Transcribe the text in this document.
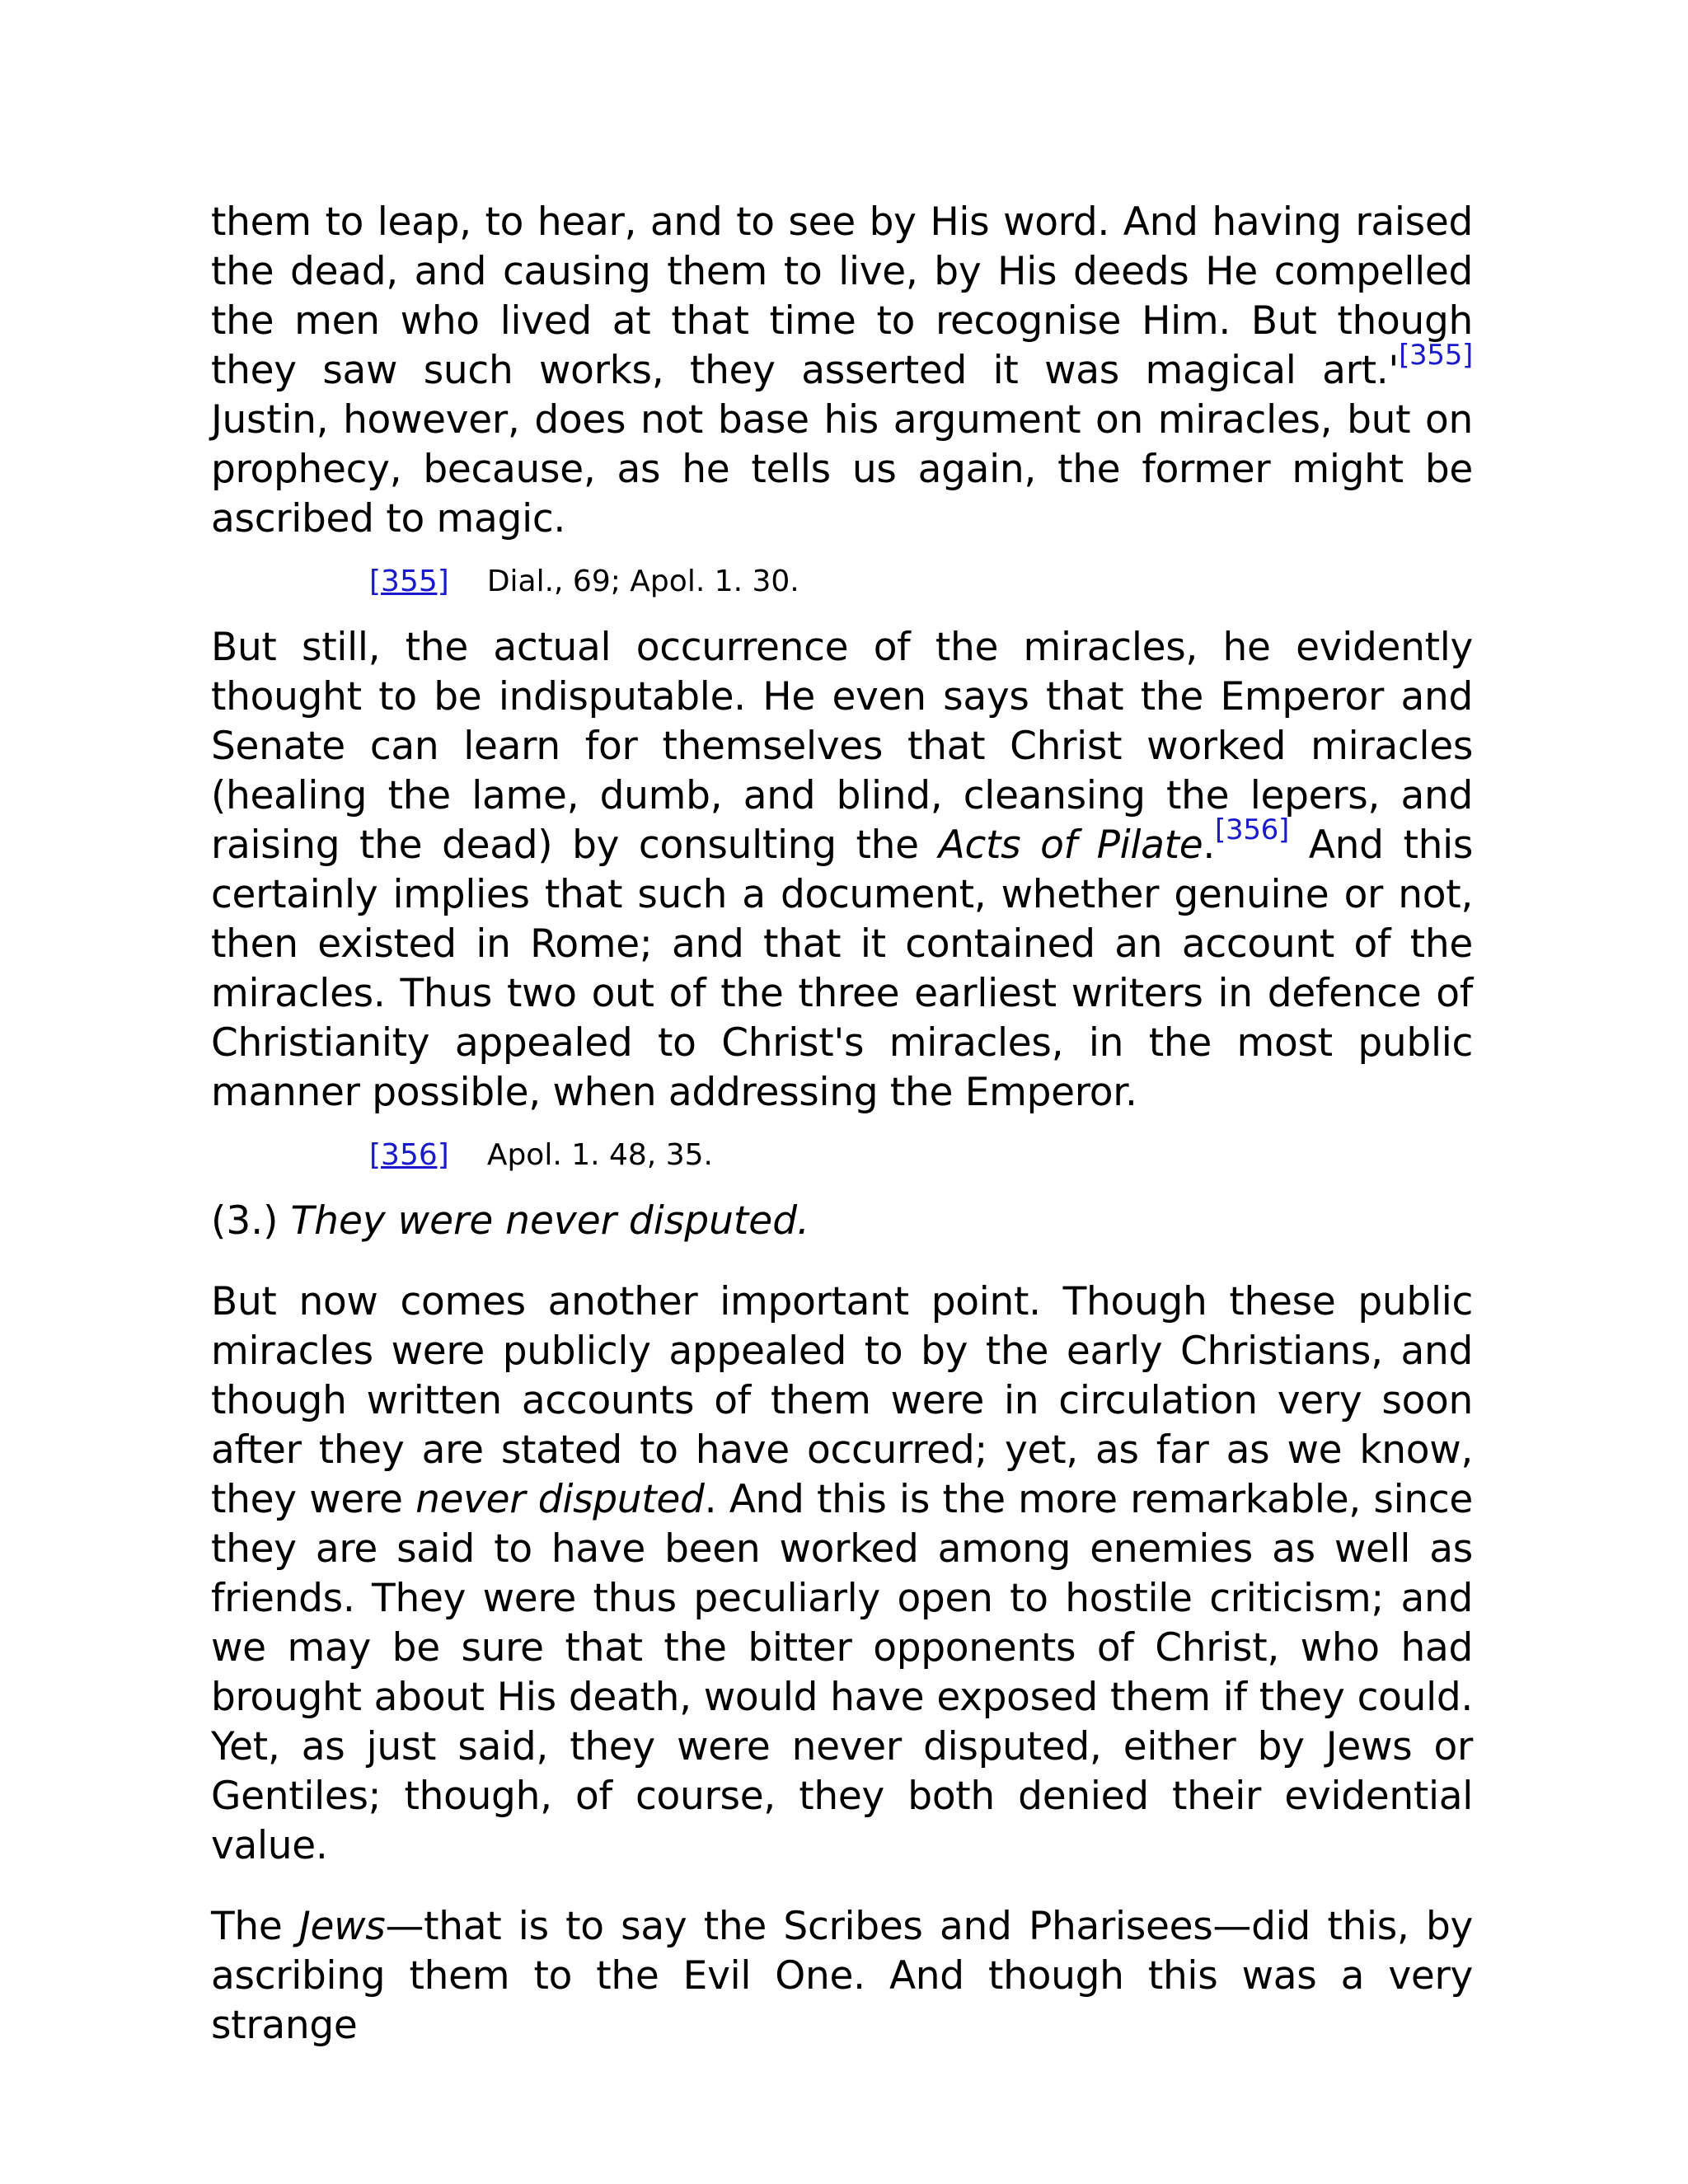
them to leap, to hear, and to see by His word. And having raised the dead, and causing them to live, by His deeds He compelled the men who lived at that time to recognise Him. But though they saw such works, they asserted it was magical art.'[355] Justin, however, does not base his argument on miracles, but on prophecy, because, as he tells us again, the former might be ascribed to magic.

[355] Dial., 69; Apol. 1. 30.

But still, the actual occurrence of the miracles, he evidently thought to be indisputable. He even says that the Emperor and Senate can learn for themselves that Christ worked miracles (healing the lame, dumb, and blind, cleansing the lepers, and raising the dead) by consulting the Acts of Pilate.[356] And this certainly implies that such a document, whether genuine or not, then existed in Rome; and that it contained an account of the miracles. Thus two out of the three earliest writers in defence of Christianity appealed to Christ's miracles, in the most public manner possible, when addressing the Emperor.

[356] Apol. 1. 48, 35.

(3.) They were never disputed.

But now comes another important point. Though these public miracles were publicly appealed to by the early Christians, and though written accounts of them were in circulation very soon after they are stated to have occurred; yet, as far as we know, they were never disputed. And this is the more remarkable, since they are said to have been worked among enemies as well as friends. They were thus peculiarly open to hostile criticism; and we may be sure that the bitter opponents of Christ, who had brought about His death, would have exposed them if they could. Yet, as just said, they were never disputed, either by Jews or Gentiles; though, of course, they both denied their evidential value.

The Jews—that is to say the Scribes and Pharisees—did this, by ascribing them to the Evil One. And though this was a very strange
